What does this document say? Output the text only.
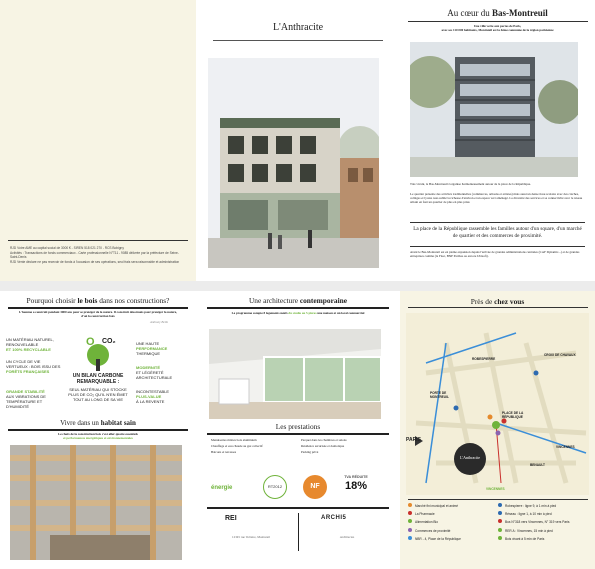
RJD Votre AME au capital social de 3000 € - SIREN 518 021 270 - RCS Bobigny
Activités : Transactions de fonds commerciaux - Carte professionnelle N°T11 - 9085 délivrée par la préfecture de Seine-Saint-Denis
RJD Vente déclare ne pas recevoir de fonds à l'occasion de ses opérations, seul frais sera raisonnable et administration
L'Anthracite
Au cœur du Bas-Montreuil
Une ville verte aux portes de Paris,
avec ses 110 000 habitants, Montreuil est la 4ème commune de la région parisienne
Très vivant, le Bas-Montreuil s'organise harmonieusement autour de la place de la République.
Le quartier présente des activités traditionnelles (commerces, artisans et artistes) mais aussi un dense tissu scolaire avec des crèches, collèges et lycées non oublié la richesse d'environ et un espace vert aménagé. La diversité des services et sa connectivité avec le réseau urbain en font un quartier de plus en plus prisé.
La place de la République rassemble les familles autour d'un square, d'un marché de quartier et des commerces de proximité.
Avant le Bas-Montreuil est en pleine expansion depuis l'arrivée de grandes administrations centrales (CAF Dynamic...) et de grandes entreprises comme (la Fnac, BNP Paribas ou encore Ubisoft).
Pourquoi choisir le bois dans nos constructions?
L'homme a construit pendant 3000 ans pour se protéger de la nature. Il construit désormais pour protéger la nature, d'où la construction bois
Anthony Bello
UN MATÉRIAU NATUREL, RENOUVELABLE
ET 100% RECYCLABLE
UN CYCLE DE VIE VERTUEUX : BOIS ISSU DES
FORÊTS FRANÇAISES
GRANDE STABILITÉ
AUX VIBRATIONS DE TEMPÉRATURE ET D'HUMIDITÉ
O CO₂
UN BILAN CARBONE REMARQUABLE :
SEUL MATÉRIAU QUI STOCKE PLUS DE CO₂ QU'IL N'EN ÉMET TOUT AU LONG DE SA VIE
UNE HAUTE
PERFORMANCE
THERMIQUE
MODERNITÉ
ET LÉGÈRETÉ
ARCHITECTURALE
INCONTESTABLE
PLUS-VALUE
À LA REVENTE
Vivre dans un habitat sain
Le choix de la construction bois c'est aller quatre essentiels
et performances énergétiques et environnementales
Une architecture contemporaine
Le programme compte 8 logements neufs du studio au 5 pièces une maison et un local commercial
Les prestations
Menuiseries mixtes bois aluminium
Chauffage et eau chaude au gaz collectif
Balcons et terrasses
Parquet dans les chambres et salons
Résidence sécurisée et domotique
Parking privé
énergie	RT2012	NF
TVA RÉDUITE
18%
REI
12345 rue Voltaire, Montreuil
ARCHI5
Architectes
Près de chez vous
PARIS
PORTE DE MONTREUIL
ROBESPIERRE
CROIX DE CHAVAUX
PLACE DE LA RÉPUBLIQUE
VINCENNES
BENAULT
VINCENNES
L'Anthracite
Marché fini municipal et animé
La Pharmacie
Alimentation Bio
Commerces de proximité
NBR - 4, Place de la République
Robespierre : ligne 9, à 1 min à pied
Réseau : ligne 1, à 10 min à pied
Bus N°318 vers Vincennes, N° 319 vers Paris
RER A : Vincennes, 15 min à pied
Bois vivant à 5 min de Paris
